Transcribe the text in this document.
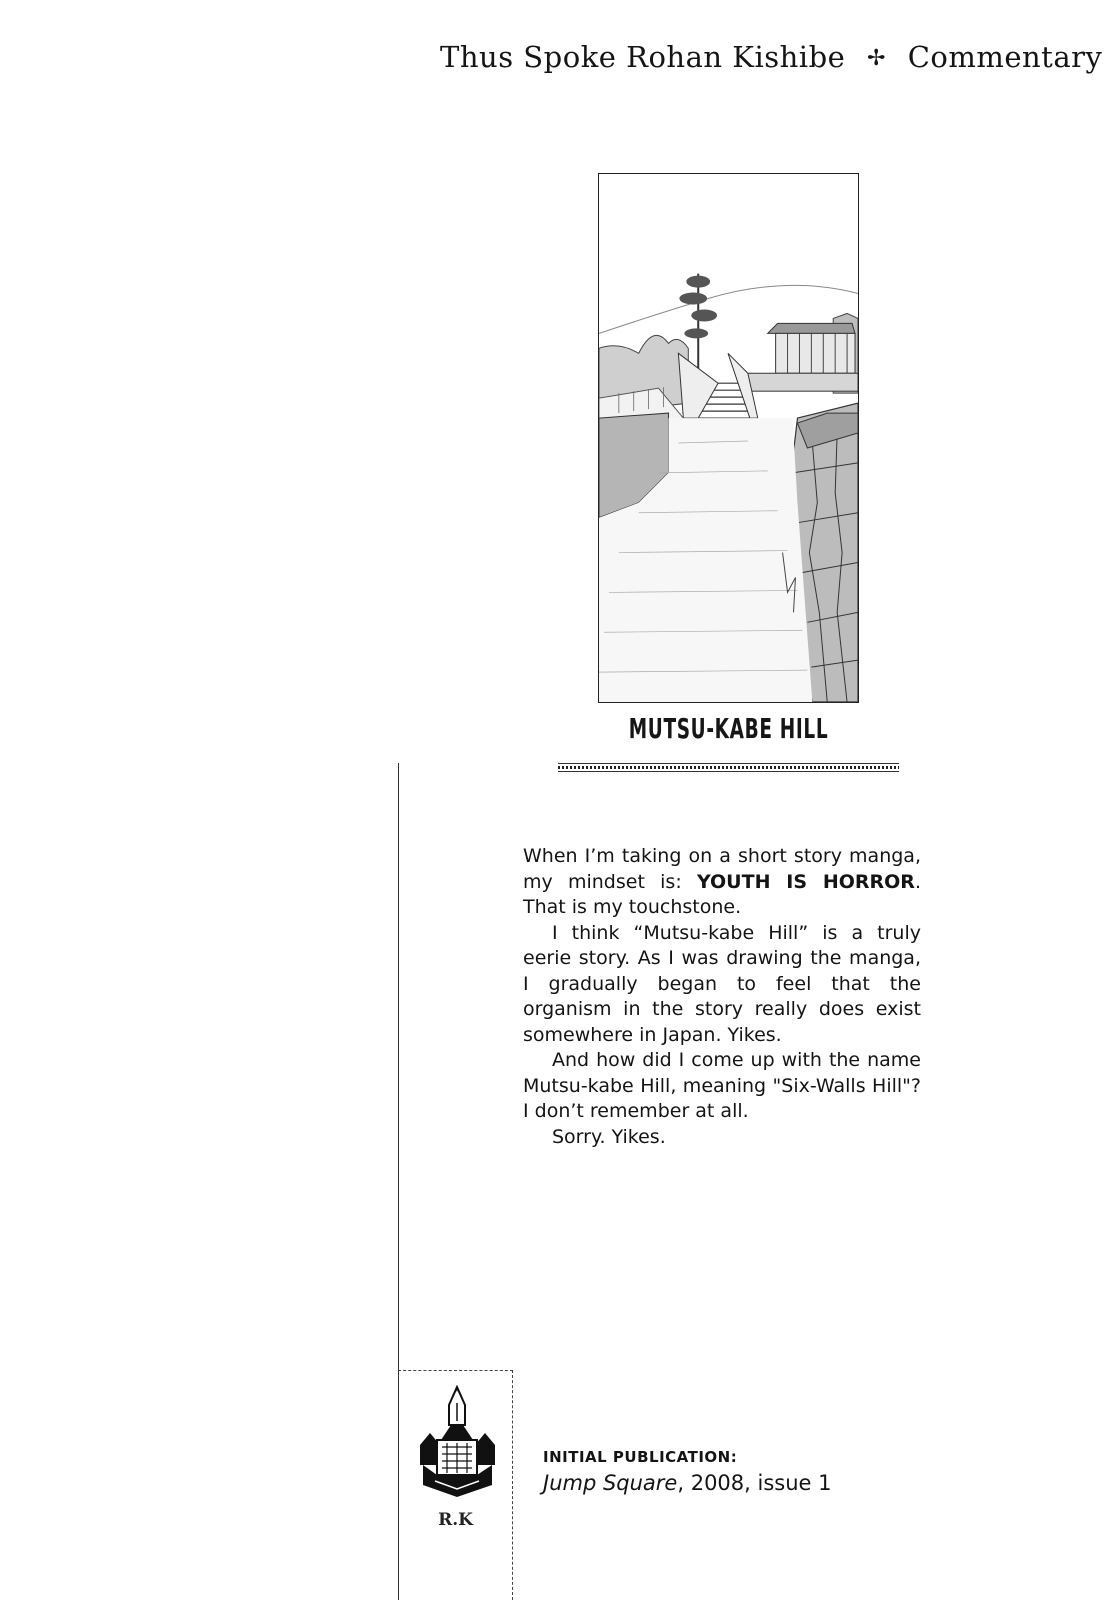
Thus Spoke Rohan Kishibe ✢ Commentary
MUTSU-KABE HILL

When I’m taking on a short story manga, my mindset is: YOUTH IS HORROR. That is my touchstone.

I think “Mutsu-kabe Hill” is a truly eerie story. As I was drawing the manga, I gradually began to feel that the organism in the story really does exist somewhere in Japan. Yikes.

And how did I come up with the name Mutsu-kabe Hill, meaning "Six-Walls Hill"? I don’t remember at all.

Sorry. Yikes.

R.K
INITIAL PUBLICATION:
Jump Square, 2008, issue 1
